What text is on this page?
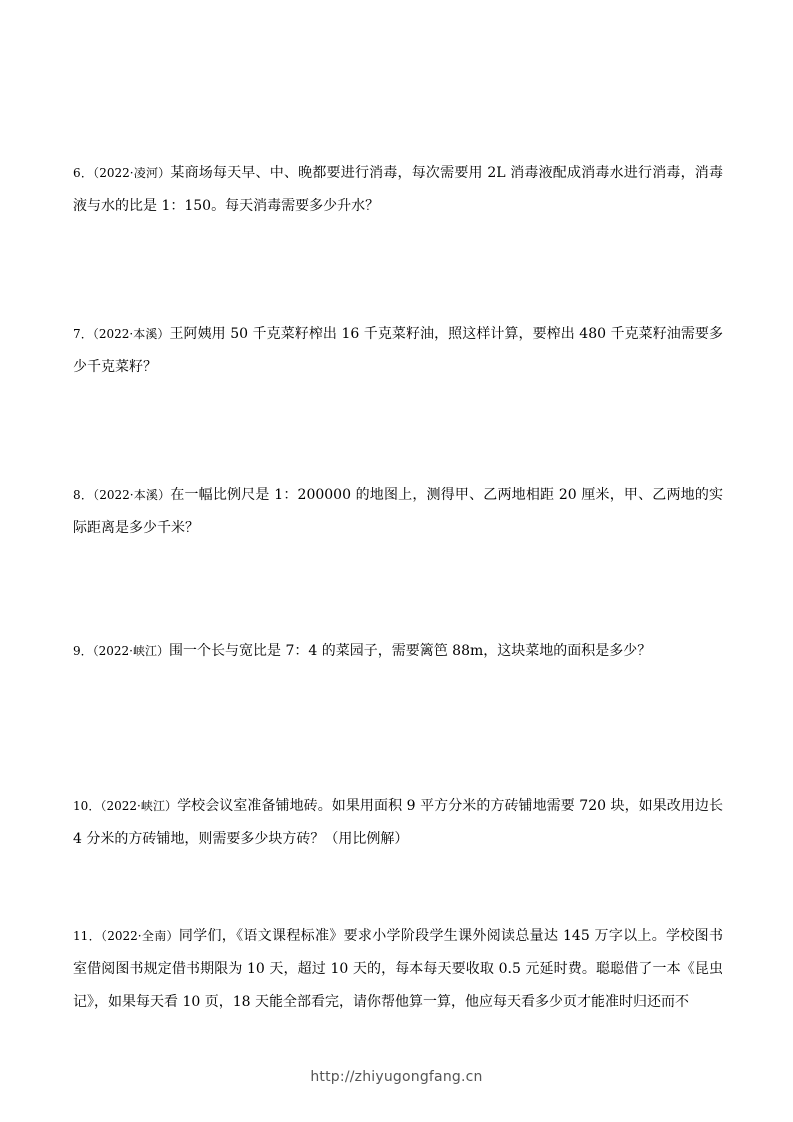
6．（2022·凌河）某商场每天早、中、晚都要进行消毒，每次需要用 2L 消毒液配成消毒水进行消毒，消毒液与水的比是 1：150。每天消毒需要多少升水？
7．（2022·本溪）王阿姨用 50 千克菜籽榨出 16 千克菜籽油，照这样计算，要榨出 480 千克菜籽油需要多少千克菜籽？
8．（2022·本溪）在一幅比例尺是 1：200000 的地图上，测得甲、乙两地相距 20 厘米，甲、乙两地的实际距离是多少千米？
9．（2022·峡江）围一个长与宽比是 7：4 的菜园子，需要篱笆 88m，这块菜地的面积是多少？
10．（2022·峡江）学校会议室准备铺地砖。如果用面积 9 平方分米的方砖铺地需要 720 块，如果改用边长 4 分米的方砖铺地，则需要多少块方砖？（用比例解）
11．（2022·全南）同学们，《语文课程标准》要求小学阶段学生课外阅读总量达 145 万字以上。学校图书室借阅图书规定借书期限为 10 天，超过 10 天的，每本每天要收取 0.5 元延时费。聪聪借了一本《昆虫记》，如果每天看 10 页，18 天能全部看完，请你帮他算一算，他应每天看多少页才能准时归还而不
http://zhiyugongfang.cn
